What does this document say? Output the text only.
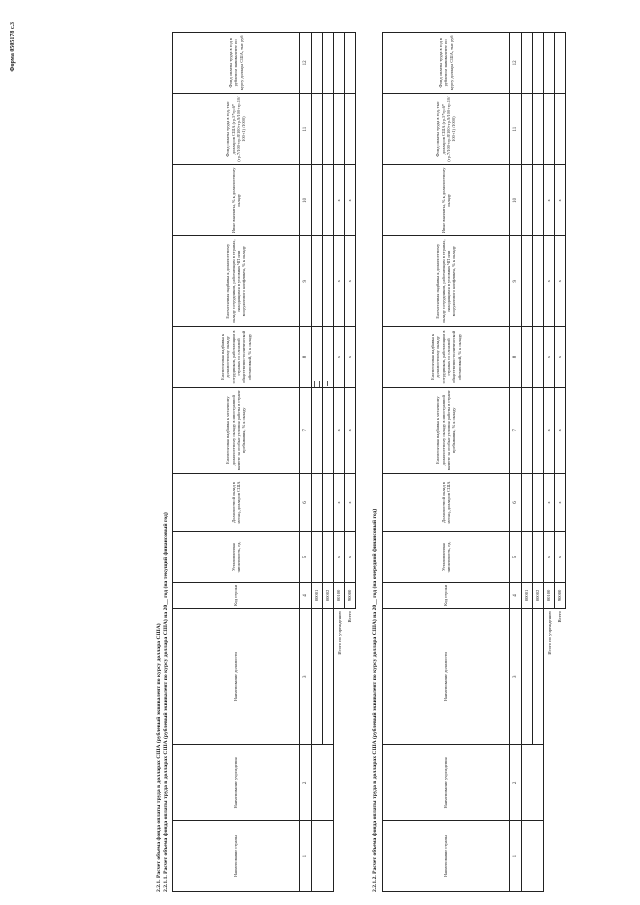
Форма 0505178 с.3
2.2.1. Расчет объема фонда оплаты труда в долларах США (рублевый эквивалент по курсу доллара США) 2.2.1.1. Расчет объема фонда оплаты труда в долларах США (рублевый эквивалент по курсу доллара США) на 20__ год (на текущий финансовый год)	Наименование страны	Наименование учреждения	Наименование должности	Код строки	Установленная численность, ед.	Должностной оклад в месяц, долларов США	Ежемесячная надбавка к месячному должностному окладу в иностранной валюте за особые условия работы в стране пребывания, % к окладу	Ежемесячная надбавка к должностному окладу сотрудников, работающим в странах со сложной общественно-политической обстановкой, % к окладу	Ежемесячная надбавка к должностному окладу сотрудников, работающим в странах, находящихся в условиях ЧП или вооруженного конфликта, % к окладу	Иные выплаты, % к должностному окладу	Фонд оплаты труда в год, тыс долларов США (гр.5*гр.6*(гр.7/100+гр.8/100+гр.9/100+гр.10/100+1) /1000)	Фонд оплаты труда в год в рублевом эквиваленте по курсу доллара США, тыс руб
1	2	3	4	5	6	7	8	9	10	11	12
			00001								
			00002								
Итого по учреждению			00100	x	x	x	x	x	x		
Всего			90000	x	x	x	x	x	x		
2.2.1.2. Расчет объема фонда оплаты труда в долларах США (рублевый эквивалент по курсу доллара США) на 20__ год (на очередной финансовый год)	Наименование страны	Наименование учреждения	Наименование должности	Код строки	Установленная численность, ед.	Должностной оклад в месяц, долларов США	Ежемесячная надбавка к месячному должностному окладу в иностранной валюте за особые условия работы в стране пребывания, % к окладу	Ежемесячная надбавка к должностному окладу сотрудников, работающим в странах со сложной общественно-политической обстановкой, % к окладу	Ежемесячная надбавка к должностному окладу сотрудников, работающим в странах, находящихся в условиях ЧП или вооруженного конфликта, % к окладу	Иные выплаты, % к должностному окладу	Фонд оплаты труда в год, тыс долларов США (гр.5*гр.6*(гр.7/100+гр.8/100+гр.9/100+гр.10/100+1) /1000)	Фонд оплаты труда в год в рублевом эквиваленте по курсу доллара США, тыс руб
1	2	3	4	5	6	7	8	9	10	11	12
			00001								
			00002								
Итого по учреждению			00100	x	x	x	x	x	x		
Всего			90000	x	x	x	x	x	x		
